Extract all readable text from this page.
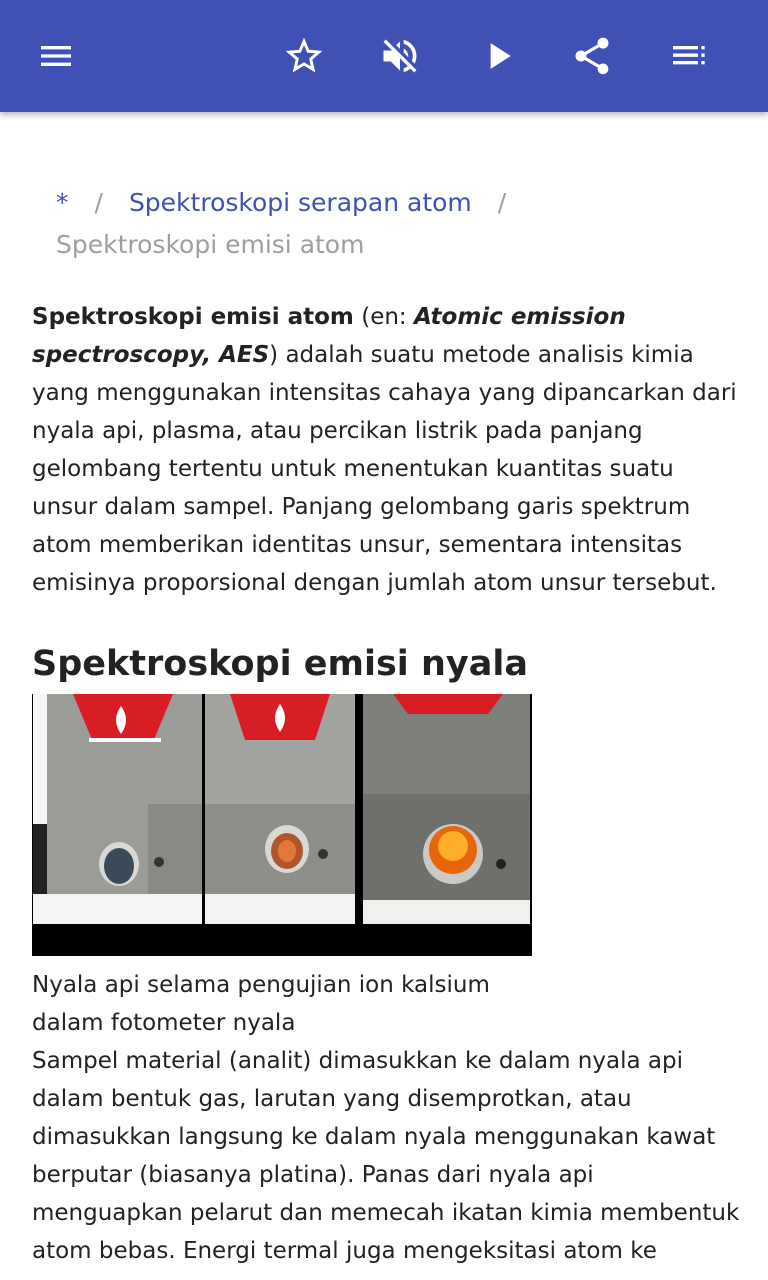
* / Spektroskopi serapan atom /
Spektroskopi emisi atom

Spektroskopi emisi atom (en: Atomic emission spectroscopy, AES) adalah suatu metode analisis kimia yang menggunakan intensitas cahaya yang dipancarkan dari nyala api, plasma, atau percikan listrik pada panjang gelombang tertentu untuk menentukan kuantitas suatu unsur dalam sampel. Panjang gelombang garis spektrum atom memberikan identitas unsur, sementara intensitas emisinya proporsional dengan jumlah atom unsur tersebut.

Spektroskopi emisi nyala
Nyala api selama pengujian ion kalsium dalam fotometer nyala

Sampel material (analit) dimasukkan ke dalam nyala api dalam bentuk gas, larutan yang disemprotkan, atau dimasukkan langsung ke dalam nyala menggunakan kawat berputar (biasanya platina). Panas dari nyala api menguapkan pelarut dan memecah ikatan kimia membentuk atom bebas. Energi termal juga mengeksitasi atom ke
